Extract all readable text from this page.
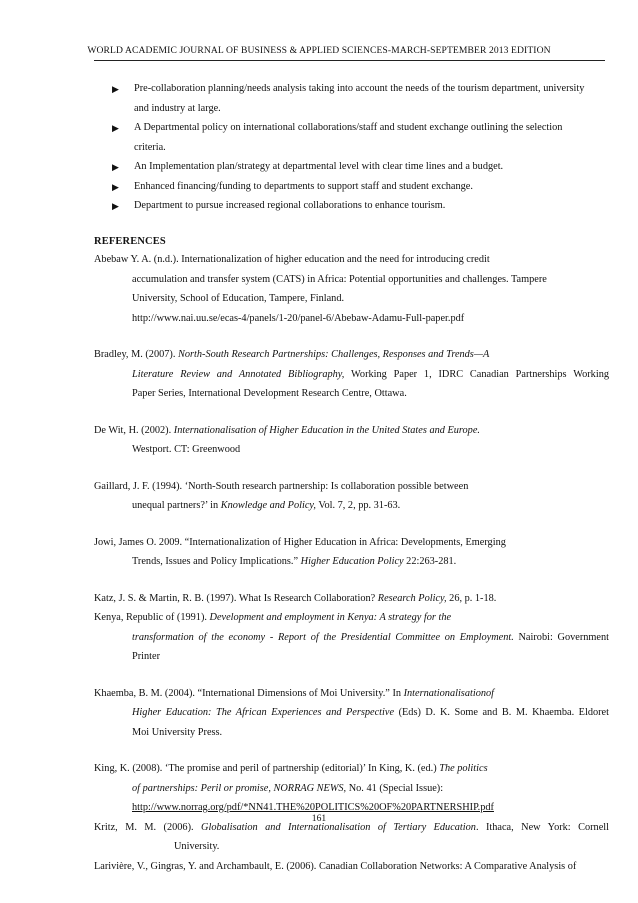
WORLD ACADEMIC JOURNAL OF BUSINESS & APPLIED SCIENCES-MARCH-SEPTEMBER 2013 EDITION
▶ Pre-collaboration planning/needs analysis taking into account the needs of the tourism department, university
and industry at large.
▶ A Departmental policy on international collaborations/staff and student exchange outlining the selection
criteria.
▶ An Implementation plan/strategy at departmental level with clear time lines and a budget.
▶ Enhanced financing/funding to departments to support staff and student exchange.
▶ Department to pursue increased regional collaborations to enhance tourism.
REFERENCES
Abebaw Y. A. (n.d.). Internationalization of higher education and the need for introducing credit
accumulation and transfer system (CATS) in Africa: Potential opportunities and challenges. Tampere
University, School of Education, Tampere, Finland.
http://www.nai.uu.se/ecas-4/panels/1-20/panel-6/Abebaw-Adamu-Full-paper.pdf
Bradley, M. (2007). North-South Research Partnerships: Challenges, Responses and Trends—A
Literature Review and Annotated Bibliography, Working Paper 1, IDRC Canadian Partnerships Working
Paper Series, International Development Research Centre, Ottawa.
De Wit, H. (2002). Internationalisation of Higher Education in the United States and Europe.
Westport. CT: Greenwood
Gaillard, J. F. (1994). ‘North-South research partnership: Is collaboration possible between
unequal partners?’ in Knowledge and Policy, Vol. 7, 2, pp. 31-63.
Jowi, James O. 2009. “Internationalization of Higher Education in Africa: Developments, Emerging
Trends, Issues and Policy Implications.” Higher Education Policy 22:263-281.
Katz, J. S. & Martin, R. B. (1997). What Is Research Collaboration? Research Policy, 26, p. 1-18.
Kenya, Republic of (1991). Development and employment in Kenya: A strategy for the
transformation of the economy - Report of the Presidential Committee on Employment. Nairobi: Government
Printer
Khaemba, B. M. (2004). “International Dimensions of Moi University.” In Internationalisationof
Higher Education: The African Experiences and Perspective (Eds) D. K. Some and B. M. Khaemba. Eldoret
Moi University Press.
King, K. (2008). ‘The promise and peril of partnership (editorial)’ In King, K. (ed.) The politics
of partnerships: Peril or promise, NORRAG NEWS, No. 41 (Special Issue):
http://www.norrag.org/pdf/*NN41.THE%20POLITICS%20OF%20PARTNERSHIP.pdf
Kritz, M. M. (2006). Globalisation and Internationalisation of Tertiary Education. Ithaca, New York: Cornell
University.
Larivière, V., Gingras, Y. and Archambault, E. (2006). Canadian Collaboration Networks: A Comparative Analysis of
161
